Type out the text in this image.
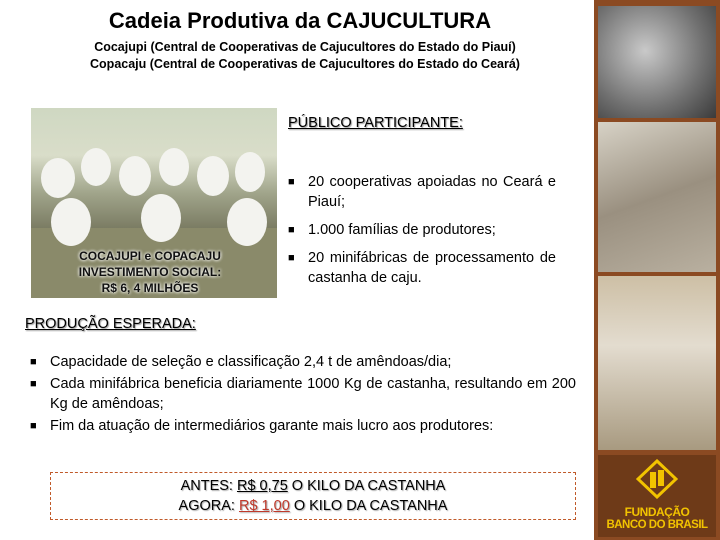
Cadeia Produtiva da CAJUCULTURA
Cocajupi (Central de Cooperativas de Cajucultores do Estado do Piauí)
Copacaju (Central de Cooperativas de Cajucultores do Estado do Ceará)
COCAJUPI e COPACAJU
INVESTIMENTO SOCIAL:
R$ 6, 4 MILHÕES
PÚBLICO PARTICIPANTE:
■ 20 cooperativas apoiadas no Ceará e Piauí;
■ 1.000 famílias de produtores;
■ 20 minifábricas de processamento de castanha de caju.
PRODUÇÃO ESPERADA:
■ Capacidade de seleção e classificação 2,4 t de amêndoas/dia;
■ Cada minifábrica beneficia diariamente 1000 Kg de castanha, resultando em 200 Kg de amêndoas;
■ Fim da atuação de intermediários garante mais lucro aos produtores:
ANTES: R$ 0,75 O KILO DA CASTANHA
AGORA: R$ 1,00 O KILO DA CASTANHA	FUNDAÇÃO
BANCO DO BRASIL
